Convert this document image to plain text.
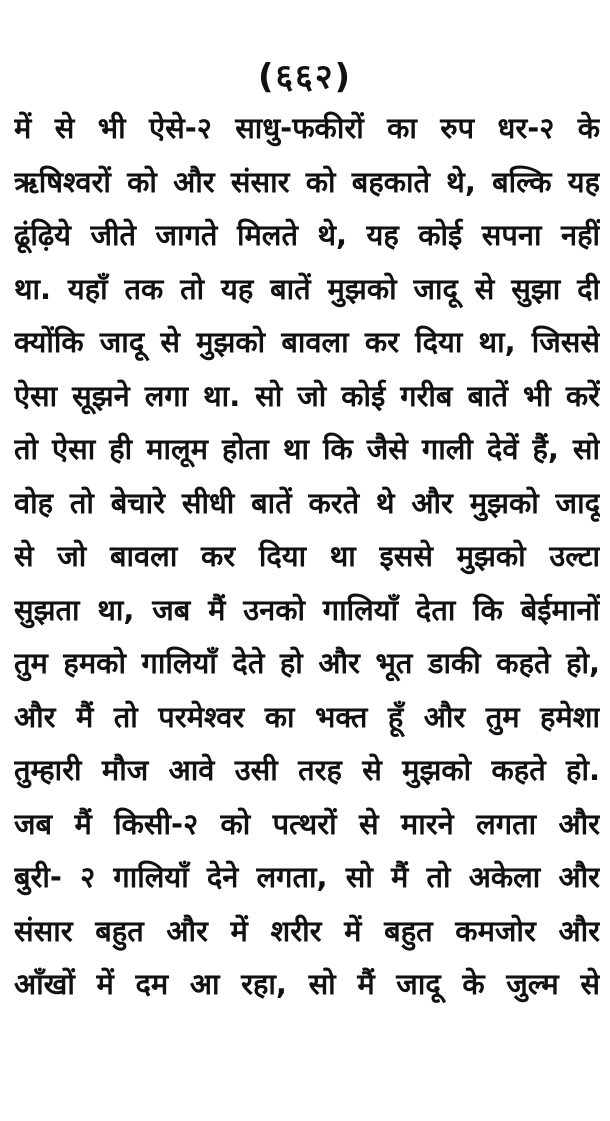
(६६२)
में से भी ऐसे-२ साधु-फकीरों का रुप धर-२ के
ऋषिश्वरों को और संसार को बहकाते थे, बल्कि यह
ढूंढ़िये जीते जागते मिलते थे, यह कोई सपना नहीं
था. यहाँ तक तो यह बातें मुझको जादू से सुझा दी
क्योंकि जादू से मुझको बावला कर दिया था, जिससे
ऐसा सूझने लगा था. सो जो कोई गरीब बातें भी करें
तो ऐसा ही मालूम होता था कि जैसे गाली देवें हैं, सो
वोह तो बेचारे सीधी बातें करते थे और मुझको जादू
से जो बावला कर दिया था इससे मुझको उल्टा
सुझता था, जब मैं उनको गालियाँ देता कि बेईमानों
तुम हमको गालियाँ देते हो और भूत डाकी कहते हो,
और मैं तो परमेश्वर का भक्त हूँ और तुम हमेशा
तुम्हारी मौज आवे उसी तरह से मुझको कहते हो.
जब मैं किसी-२ को पत्थरों से मारने लगता और
बुरी- २ गालियाँ देने लगता, सो मैं तो अकेला और
संसार बहुत और में शरीर में बहुत कमजोर और
आँखों में दम आ रहा, सो मैं जादू के जुल्म से
